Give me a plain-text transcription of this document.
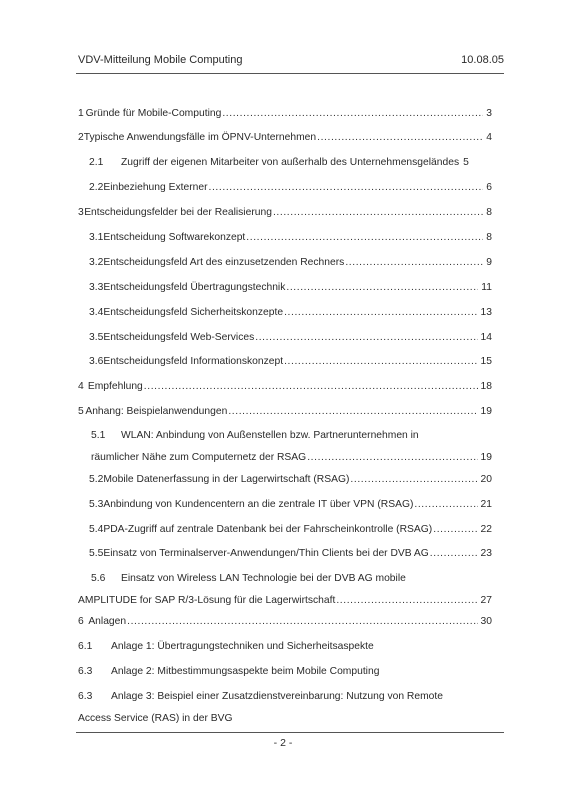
VDV-Mitteilung Mobile Computing	10.08.05
1 Gründe für Mobile-Computing .....	3
2 Typische Anwendungsfälle im ÖPNV-Unternehmen .....	4
2.1	Zugriff der eigenen Mitarbeiter von außerhalb des Unternehmensgeländes 5
2.2 Einbeziehung Externer .....	6
3 Entscheidungsfelder bei der Realisierung .....	8
3.1 Entscheidung Softwarekonzept .....	8
3.2 Entscheidungsfeld Art des einzusetzenden Rechners .....	9
3.3 Entscheidungsfeld Übertragungstechnik .....	11
3.4 Entscheidungsfeld Sicherheitskonzepte .....	13
3.5 Entscheidungsfeld Web-Services .....	14
3.6 Entscheidungsfeld Informationskonzept .....	15
4 Empfehlung .....	18
5 Anhang: Beispielanwendungen .....	19
5.1	WLAN: Anbindung von Außenstellen bzw. Partnerunternehmen in
räumlicher Nähe zum Computernetz der RSAG .....	19
5.2 Mobile Datenerfassung in der Lagerwirtschaft (RSAG) .....	20
5.3 Anbindung von Kundencentern an die zentrale IT über VPN (RSAG) .....	21
5.4 PDA-Zugriff auf zentrale Datenbank bei der Fahrscheinkontrolle (RSAG) .....	22
5.5 Einsatz von Terminalserver-Anwendungen/Thin Clients bei der DVB AG .....	23
5.6	Einsatz von Wireless LAN Technologie bei der DVB AG mobile
AMPLITUDE for SAP R/3-Lösung für die Lagerwirtschaft .....	27
6 Anlagen .....	30
6.1	Anlage 1: Übertragungstechniken und Sicherheitsaspekte
6.3	Anlage 2: Mitbestimmungsaspekte beim Mobile Computing
6.3	Anlage 3: Beispiel einer Zusatzdienstvereinbarung: Nutzung von Remote
Access Service (RAS) in der BVG
- 2 -
